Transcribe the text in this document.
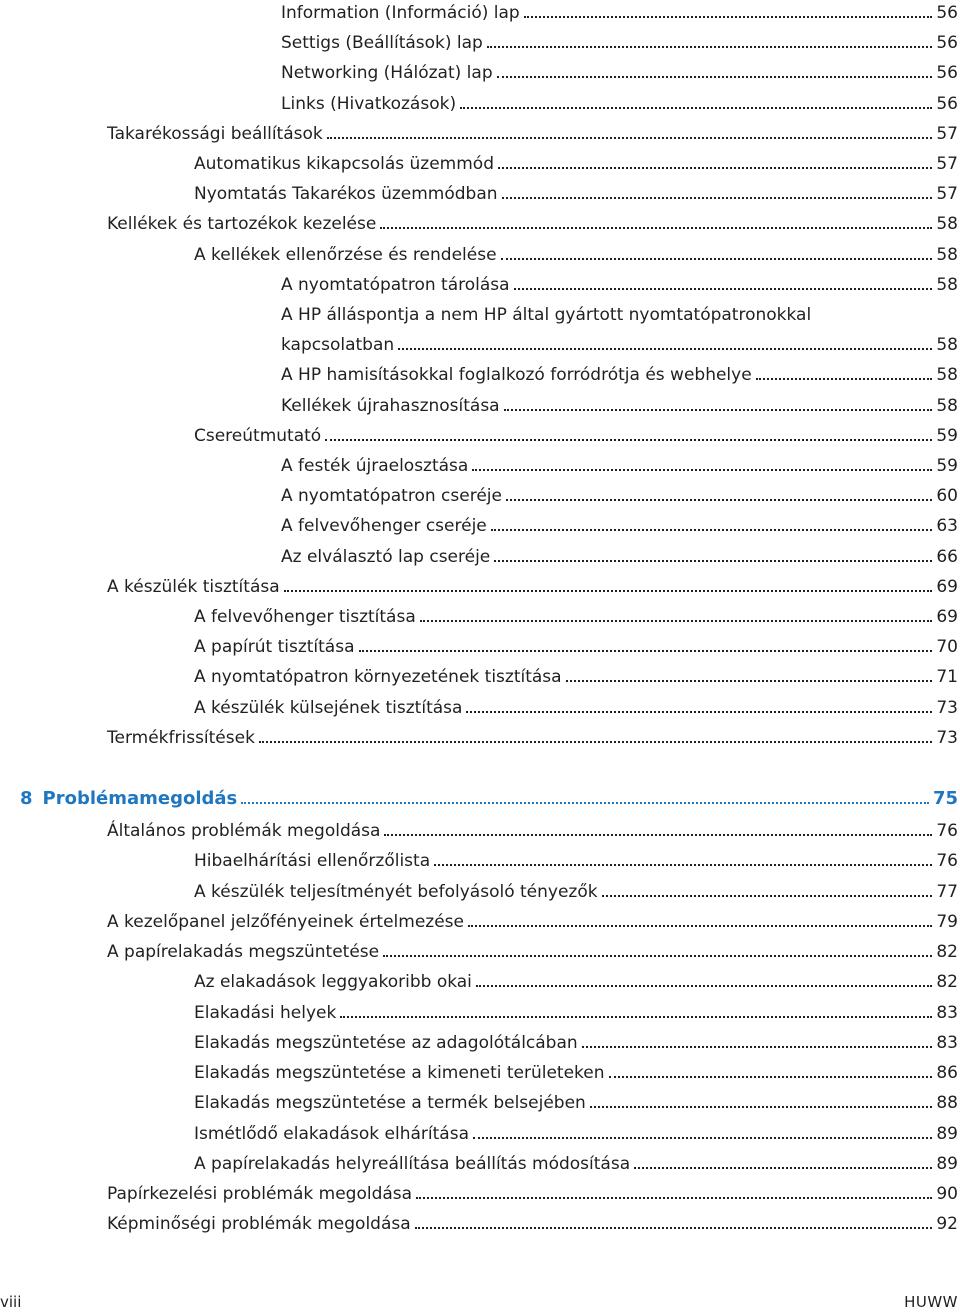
Information (Információ) lap	56
Settigs (Beállítások) lap	56
Networking (Hálózat) lap	56
Links (Hivatkozások)	56
Takarékossági beállítások	57
Automatikus kikapcsolás üzemmód	57
Nyomtatás Takarékos üzemmódban	57
Kellékek és tartozékok kezelése	58
A kellékek ellenőrzése és rendelése	58
A nyomtatópatron tárolása	58
A HP álláspontja a nem HP által gyártott nyomtatópatronokkal
kapcsolatban	58
A HP hamisításokkal foglalkozó forródrótja és webhelye	58
Kellékek újrahasznosítása	58
Csereútmutató	59
A festék újraelosztása	59
A nyomtatópatron cseréje	60
A felvevőhenger cseréje	63
Az elválasztó lap cseréje	66
A készülék tisztítása	69
A felvevőhenger tisztítása	69
A papírút tisztítása	70
A nyomtatópatron környezetének tisztítása	71
A készülék külsejének tisztítása	73
Termékfrissítések	73
8 Problémamegoldás	75
Általános problémák megoldása	76
Hibaelhárítási ellenőrzőlista	76
A készülék teljesítményét befolyásoló tényezők	77
A kezelőpanel jelzőfényeinek értelmezése	79
A papírelakadás megszüntetése	82
Az elakadások leggyakoribb okai	82
Elakadási helyek	83
Elakadás megszüntetése az adagolótálcában	83
Elakadás megszüntetése a kimeneti területeken	86
Elakadás megszüntetése a termék belsejében	88
Ismétlődő elakadások elhárítása	89
A papírelakadás helyreállítása beállítás módosítása	89
Papírkezelési problémák megoldása	90
Képminőségi problémák megoldása	92
viii	HUWW
